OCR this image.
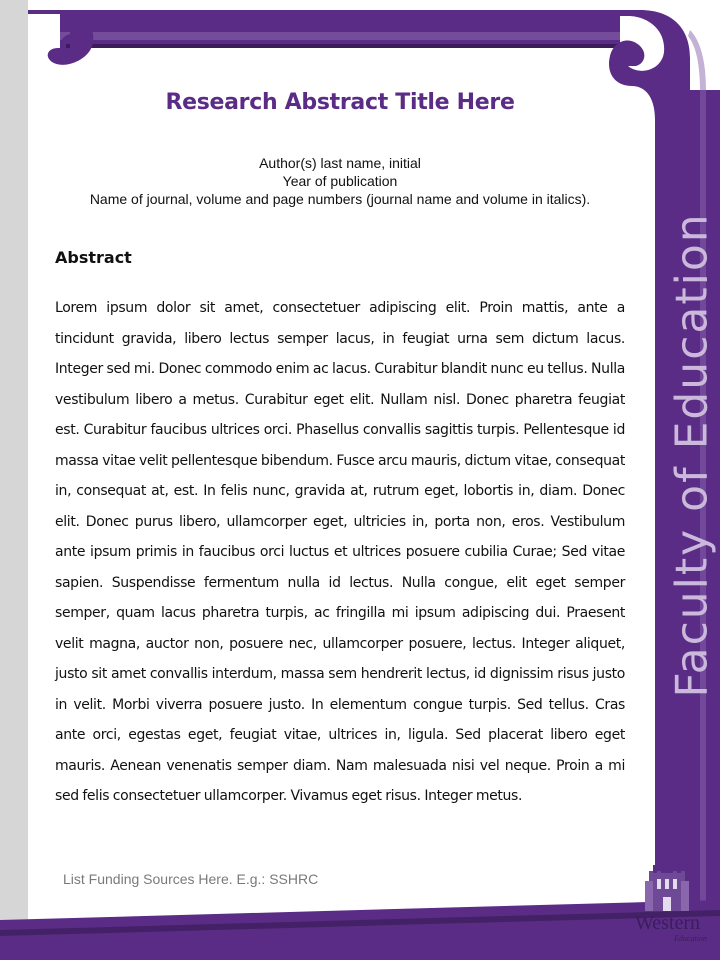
Research Abstract Title Here
Author(s) last name, initial
Year of publication
Name of journal, volume and page numbers (journal name and volume in italics).
Abstract
Lorem ipsum dolor sit amet, consectetuer adipiscing elit. Proin mattis, ante a tincidunt gravida, libero lectus semper lacus, in feugiat urna sem dictum lacus. Integer sed mi. Donec commodo enim ac lacus. Curabitur blandit nunc eu tellus. Nulla vestibulum libero a metus. Curabitur eget elit. Nullam nisl. Donec pharetra feugiat est. Curabitur faucibus ultrices orci. Phasellus convallis sagittis turpis. Pellentesque id massa vitae velit pellentesque bibendum. Fusce arcu mauris, dictum vitae, consequat in, consequat at, est. In felis nunc, gravida at, rutrum eget, lobortis in, diam. Donec elit. Donec purus libero, ullamcorper eget, ultricies in, porta non, eros. Vestibulum ante ipsum primis in faucibus orci luctus et ultrices posuere cubilia Curae; Sed vitae sapien. Suspendisse fermentum nulla id lectus. Nulla congue, elit eget semper semper, quam lacus pharetra turpis, ac fringilla mi ipsum adipiscing dui. Praesent velit magna, auctor non, posuere nec, ullamcorper posuere, lectus. Integer aliquet, justo sit amet convallis interdum, massa sem hendrerit lectus, id dignissim risus justo in velit. Morbi viverra posuere justo. In elementum congue turpis. Sed tellus. Cras ante orci, egestas eget, feugiat vitae, ultrices in, ligula. Sed placerat libero eget mauris. Aenean venenatis semper diam. Nam malesuada nisi vel neque. Proin a mi sed felis consectetuer ullamcorper. Vivamus eget risus. Integer metus.
List Funding Sources Here. E.g.: SSHRC
Faculty of Education
Western
Education
